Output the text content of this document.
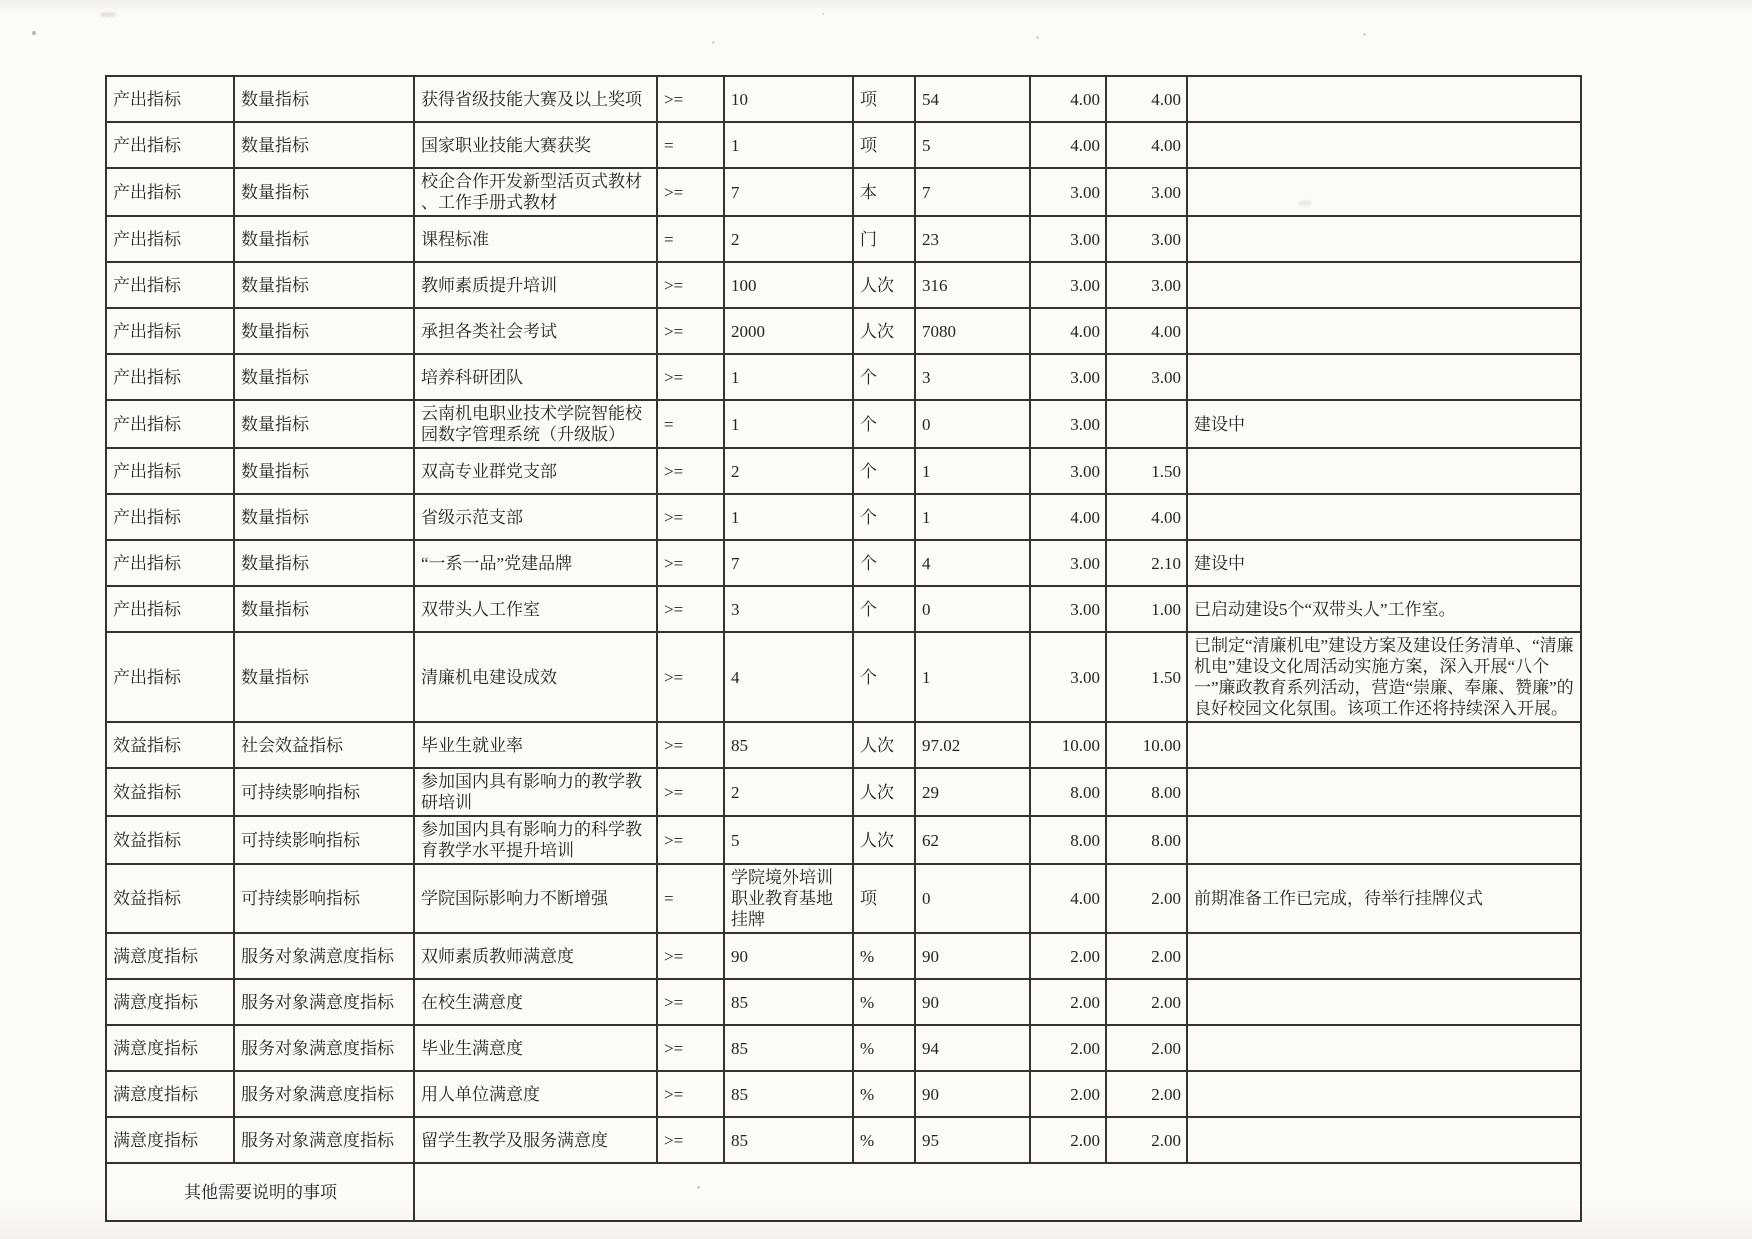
产出指标	数量指标	获得省级技能大赛及以上奖项	>=	10	项	54	4.00	4.00	
产出指标	数量指标	国家职业技能大赛获奖	=	1	项	5	4.00	4.00	
产出指标	数量指标	校企合作开发新型活页式教材 、工作手册式教材	>=	7	本	7	3.00	3.00	
产出指标	数量指标	课程标准	=	2	门	23	3.00	3.00	
产出指标	数量指标	教师素质提升培训	>=	100	人次	316	3.00	3.00	
产出指标	数量指标	承担各类社会考试	>=	2000	人次	7080	4.00	4.00	
产出指标	数量指标	培养科研团队	>=	1	个	3	3.00	3.00	
产出指标	数量指标	云南机电职业技术学院智能校园数字管理系统（升级版）	=	1	个	0	3.00		建设中
产出指标	数量指标	双高专业群党支部	>=	2	个	1	3.00	1.50	
产出指标	数量指标	省级示范支部	>=	1	个	1	4.00	4.00	
产出指标	数量指标	“一系一品”党建品牌	>=	7	个	4	3.00	2.10	建设中
产出指标	数量指标	双带头人工作室	>=	3	个	0	3.00	1.00	已启动建设5个“双带头人”工作室。
产出指标	数量指标	清廉机电建设成效	>=	4	个	1	3.00	1.50	已制定“清廉机电”建设方案及建设任务清单、“清廉机电”建设文化周活动实施方案，深入开展“八个一”廉政教育系列活动，营造“崇廉、奉廉、赞廉”的良好校园文化氛围。该项工作还将持续深入开展。
效益指标	社会效益指标	毕业生就业率	>=	85	人次	97.02	10.00	10.00	
效益指标	可持续影响指标	参加国内具有影响力的教学教研培训	>=	2	人次	29	8.00	8.00	
效益指标	可持续影响指标	参加国内具有影响力的科学教育教学水平提升培训	>=	5	人次	62	8.00	8.00	
效益指标	可持续影响指标	学院国际影响力不断增强	=	学院境外培训职业教育基地挂牌	项	0	4.00	2.00	前期准备工作已完成，待举行挂牌仪式
满意度指标	服务对象满意度指标	双师素质教师满意度	>=	90	%	90	2.00	2.00	
满意度指标	服务对象满意度指标	在校生满意度	>=	85	%	90	2.00	2.00	
满意度指标	服务对象满意度指标	毕业生满意度	>=	85	%	94	2.00	2.00	
满意度指标	服务对象满意度指标	用人单位满意度	>=	85	%	90	2.00	2.00	
满意度指标	服务对象满意度指标	留学生教学及服务满意度	>=	85	%	95	2.00	2.00	
其他需要说明的事项									
